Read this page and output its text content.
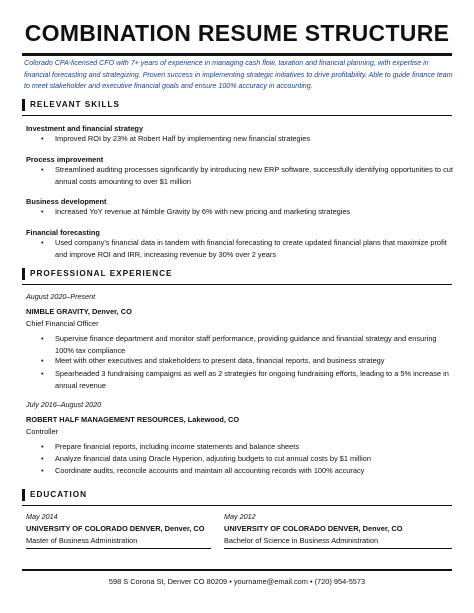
COMBINATION RESUME STRUCTURE
Colorado CPA-licensed CFO with 7+ years of experience in managing cash flow, taxation and financial planning, with expertise in financial forecasting and strategizing. Proven success in implementing strategic initiatives to drive profitability. Able to guide finance team to meet stakeholder and executive financial goals and ensure 100% accuracy in accounting.
RELEVANT SKILLS
Investment and financial strategy
• Improved ROI by 23% at Robert Half by implementing new financial strategies
Process improvement
• Streamlined auditing processes significantly by introducing new ERP software, successfully identifying opportunities to cut annual costs amounting to over $1 million
Business development
• Increased YoY revenue at Nimble Gravity by 6% with new pricing and marketing strategies
Financial forecasting
• Used company’s financial data in tandem with financial forecasting to create updated financial plans that maximize profit and improve ROI and IRR, increasing revenue by 30% over 2 years
PROFESSIONAL EXPERIENCE
August 2020–Present
NIMBLE GRAVITY, Denver, CO
Chief Financial Officer
• Supervise finance department and monitor staff performance, providing guidance and financial strategy and ensuring 100% tax compliance
• Meet with other executives and stakeholders to present data, financial reports, and business strategy
• Spearheaded 3 fundraising campaigns as well as 2 strategies for ongoing fundraising efforts, leading to a 5% increase in annual revenue
July 2016–August 2020
ROBERT HALF MANAGEMENT RESOURCES, Lakewood, CO
Controller
• Prepare financial reports, including income statements and balance sheets
• Analyze financial data using Oracle Hyperion, adjusting budgets to cut annual costs by $1 million
• Coordinate audits, reconcile accounts and maintain all accounting records with 100% accuracy
EDUCATION
May 2014
UNIVERSITY OF COLORADO DENVER, Denver, CO
Master of Business Administration
May 2012
UNIVERSITY OF COLORADO DENVER, Denver, CO
Bachelor of Science in Business Administration
598 S Corona St, Denver CO 80209 • yourname@email.com • (720) 954-5573
